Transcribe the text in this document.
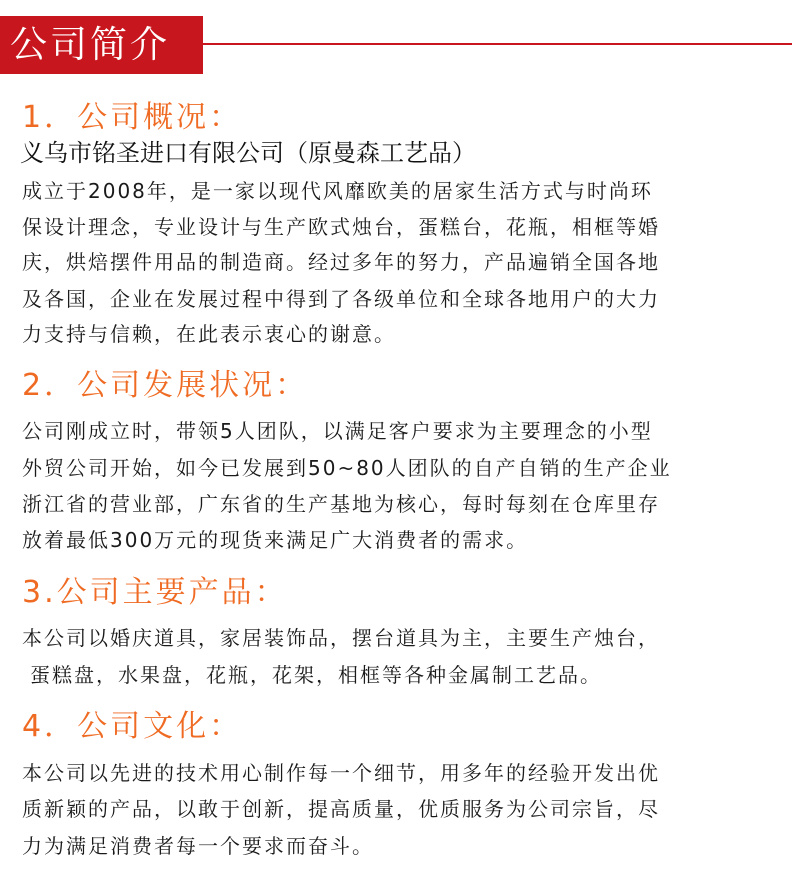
公司简介
1．公司概况：
义乌市铭圣进口有限公司（原曼森工艺品）
成立于2008年，是一家以现代风靡欧美的居家生活方式与时尚环
保设计理念，专业设计与生产欧式烛台，蛋糕台，花瓶，相框等婚
庆，烘焙摆件用品的制造商。经过多年的努力，产品遍销全国各地
及各国，企业在发展过程中得到了各级单位和全球各地用户的大力
力支持与信赖，在此表示衷心的谢意。
2．公司发展状况：
公司刚成立时，带领5人团队，以满足客户要求为主要理念的小型
外贸公司开始，如今已发展到50~80人团队的自产自销的生产企业
浙江省的营业部，广东省的生产基地为核心，每时每刻在仓库里存
放着最低300万元的现货来满足广大消费者的需求。
3.公司主要产品：
本公司以婚庆道具，家居装饰品，摆台道具为主，主要生产烛台，
蛋糕盘，水果盘，花瓶，花架，相框等各种金属制工艺品。
4．公司文化：
本公司以先进的技术用心制作每一个细节，用多年的经验开发出优
质新颖的产品，以敢于创新，提高质量，优质服务为公司宗旨，尽
力为满足消费者每一个要求而奋斗。
